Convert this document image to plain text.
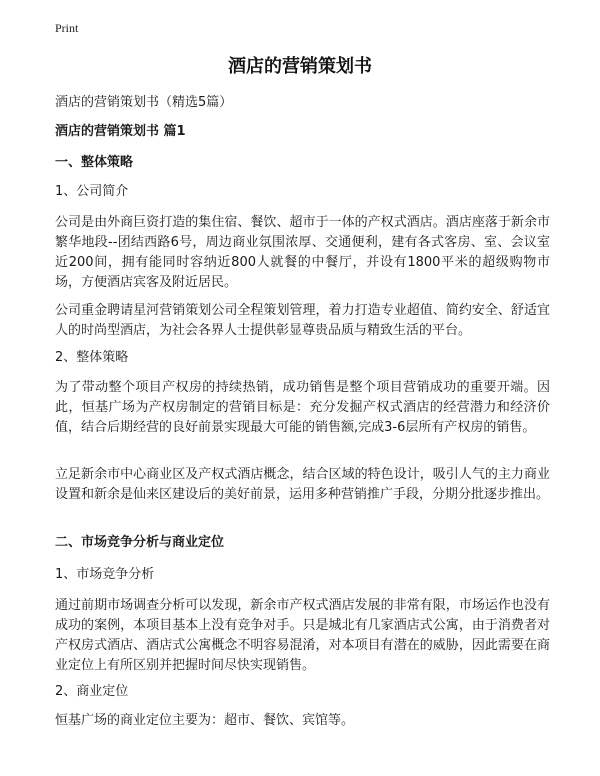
Print
酒店的营销策划书
酒店的营销策划书（精选5篇）
酒店的营销策划书 篇1
一、整体策略
1、公司简介
公司是由外商巨资打造的集住宿、餐饮、超市于一体的产权式酒店。酒店座落于新余市繁华地段--团结西路6号，周边商业氛围浓厚、交通便利，建有各式客房、室、会议室近200间，拥有能同时容纳近800人就餐的中餐厅，并设有1800平米的超级购物市场，方便酒店宾客及附近居民。
公司重金聘请星河营销策划公司全程策划管理，着力打造专业超值、简约安全、舒适宜人的时尚型酒店，为社会各界人士提供彰显尊贵品质与精致生活的平台。
2、整体策略
为了带动整个项目产权房的持续热销，成功销售是整个项目营销成功的重要开端。因此，恒基广场为产权房制定的营销目标是：充分发掘产权式酒店的经营潜力和经济价值，结合后期经营的良好前景实现最大可能的销售额,完成3-6层所有产权房的销售。
立足新余市中心商业区及产权式酒店概念，结合区域的特色设计，吸引人气的主力商业设置和新余是仙来区建设后的美好前景，运用多种营销推广手段，分期分批逐步推出。
二、市场竞争分析与商业定位
1、市场竞争分析
通过前期市场调查分析可以发现，新余市产权式酒店发展的非常有限，市场运作也没有成功的案例，本项目基本上没有竞争对手。只是城北有几家酒店式公寓，由于消费者对产权房式酒店、酒店式公寓概念不明容易混淆，对本项目有潜在的威胁，因此需要在商业定位上有所区别并把握时间尽快实现销售。
2、商业定位
恒基广场的商业定位主要为：超市、餐饮、宾馆等。
